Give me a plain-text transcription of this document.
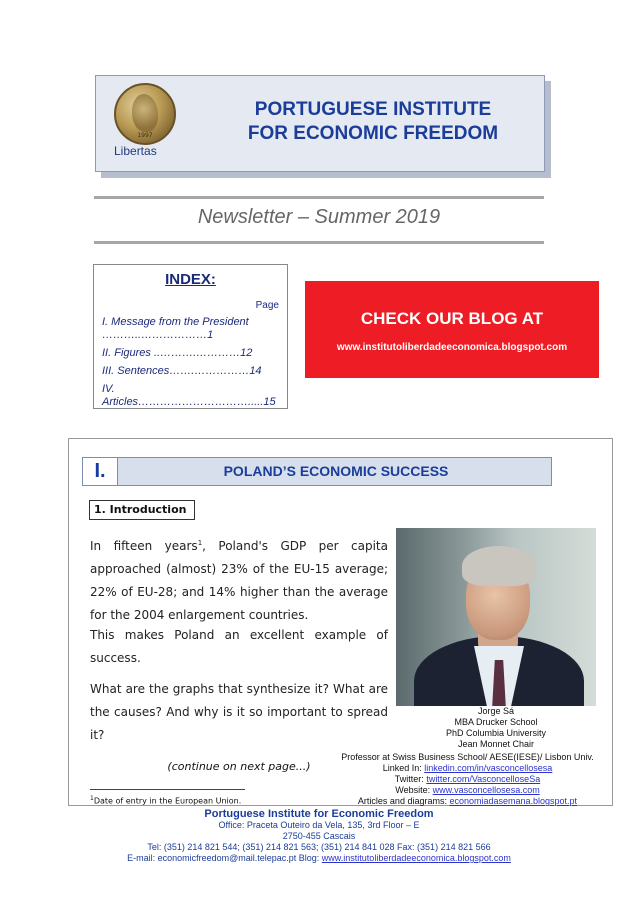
1997
Libertas
PORTUGUESE INSTITUTE
FOR ECONOMIC FREEDOM
Newsletter – Summer 2019
INDEX:
Page
I. Message from the President ………..………………1
II. Figures ..……….…………12
III. Sentences…….……………14
IV. Articles………………………….....15
CHECK OUR BLOG AT
www.institutoliberdadeeconomica.blogspot.com
I.	POLAND’S ECONOMIC SUCCESS
1. Introduction
In fifteen years$^1$, Poland's GDP per capita approached (almost) 23% of the EU-15 average; 22% of EU-28; and 14% higher than the average for the 2004 enlargement countries.
This makes Poland an excellent example of success.
What are the graphs that synthesize it? What are the causes? And why is it so important to spread it?
(continue on next page...)
$^1$Date of entry in the European Union.
Jorge Sá
MBA Drucker School
PhD Columbia University
Jean Monnet Chair
Professor at Swiss Business School/ AESE(IESE)/ Lisbon Univ.
Linked In: linkedin.com/in/vasconcellosesa
Twitter: twitter.com/VasconcelloseSa
Website: www.vasconcellosesa.com
Articles and diagrams: economiadasemana.blogspot.pt
Portuguese Institute for Economic Freedom
Office: Praceta Outeiro da Vela, 135, 3rd Floor – E
2750-455 Cascais
Tel: (351) 214 821 544; (351) 214 821 563; (351) 214 841 028 Fax: (351) 214 821 566
E-mail: economicfreedom@mail.telepac.pt Blog: www.institutoliberdadeeconomica.blogspot.com
